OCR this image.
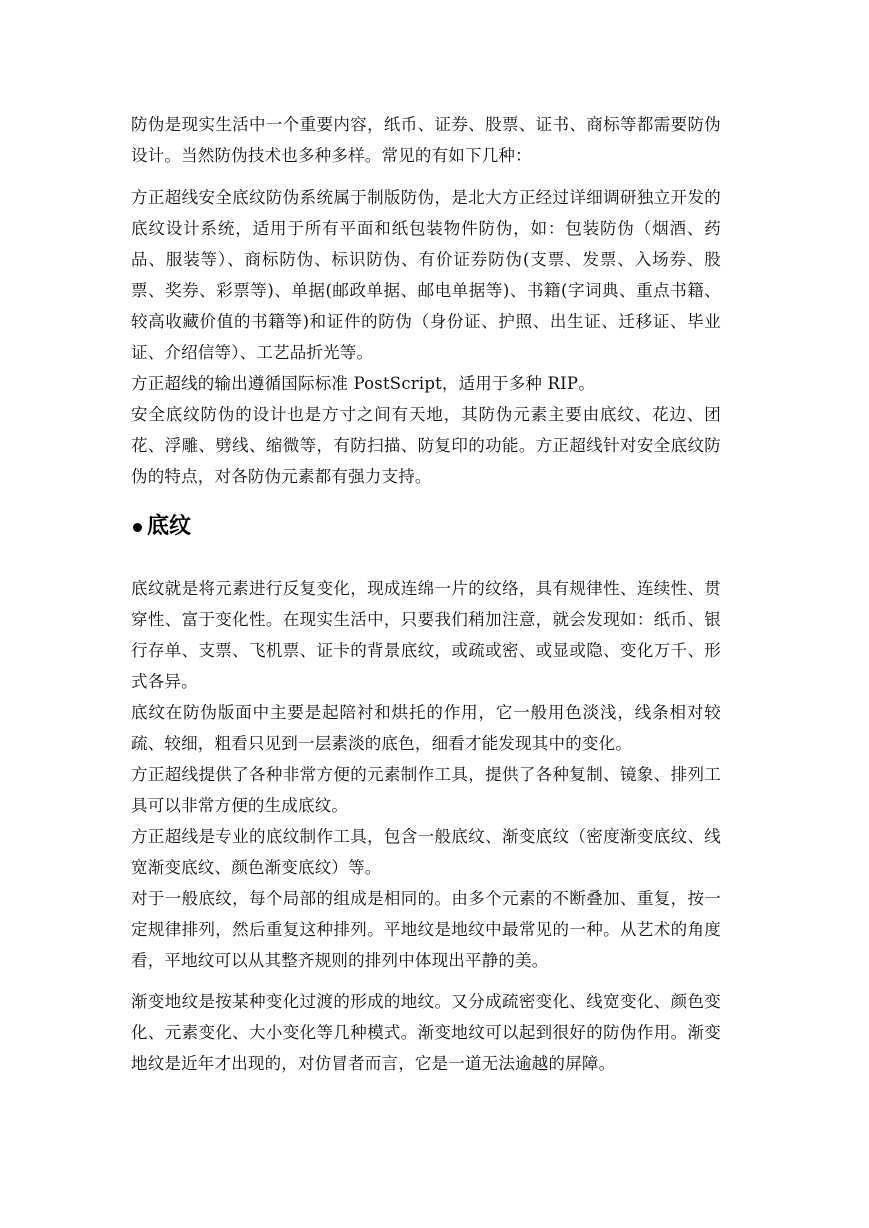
防伪是现实生活中一个重要内容，纸币、证券、股票、证书、商标等都需要防伪设计。当然防伪技术也多种多样。常见的有如下几种：

方正超线安全底纹防伪系统属于制版防伪，是北大方正经过详细调研独立开发的底纹设计系统，适用于所有平面和纸包装物件防伪，如：包装防伪（烟酒、药品、服装等）、商标防伪、标识防伪、有价证券防伪(支票、发票、入场券、股票、奖券、彩票等)、单据(邮政单据、邮电单据等)、书籍(字词典、重点书籍、较高收藏价值的书籍等)和证件的防伪（身份证、护照、出生证、迁移证、毕业证、介绍信等）、工艺品折光等。

方正超线的输出遵循国际标准 PostScript，适用于多种 RIP。

安全底纹防伪的设计也是方寸之间有天地，其防伪元素主要由底纹、花边、团花、浮雕、劈线、缩微等，有防扫描、防复印的功能。方正超线针对安全底纹防伪的特点，对各防伪元素都有强力支持。

底纹

底纹就是将元素进行反复变化，现成连绵一片的纹络，具有规律性、连续性、贯穿性、富于变化性。在现实生活中，只要我们稍加注意，就会发现如：纸币、银行存单、支票、飞机票、证卡的背景底纹，或疏或密、或显或隐、变化万千、形式各异。

底纹在防伪版面中主要是起陪衬和烘托的作用，它一般用色淡浅，线条相对较疏、较细，粗看只见到一层素淡的底色，细看才能发现其中的变化。

方正超线提供了各种非常方便的元素制作工具，提供了各种复制、镜象、排列工具可以非常方便的生成底纹。

方正超线是专业的底纹制作工具，包含一般底纹、渐变底纹（密度渐变底纹、线宽渐变底纹、颜色渐变底纹）等。

对于一般底纹，每个局部的组成是相同的。由多个元素的不断叠加、重复，按一定规律排列，然后重复这种排列。平地纹是地纹中最常见的一种。从艺术的角度看，平地纹可以从其整齐规则的排列中体现出平静的美。

渐变地纹是按某种变化过渡的形成的地纹。又分成疏密变化、线宽变化、颜色变化、元素变化、大小变化等几种模式。渐变地纹可以起到很好的防伪作用。渐变地纹是近年才出现的，对仿冒者而言，它是一道无法逾越的屏障。
